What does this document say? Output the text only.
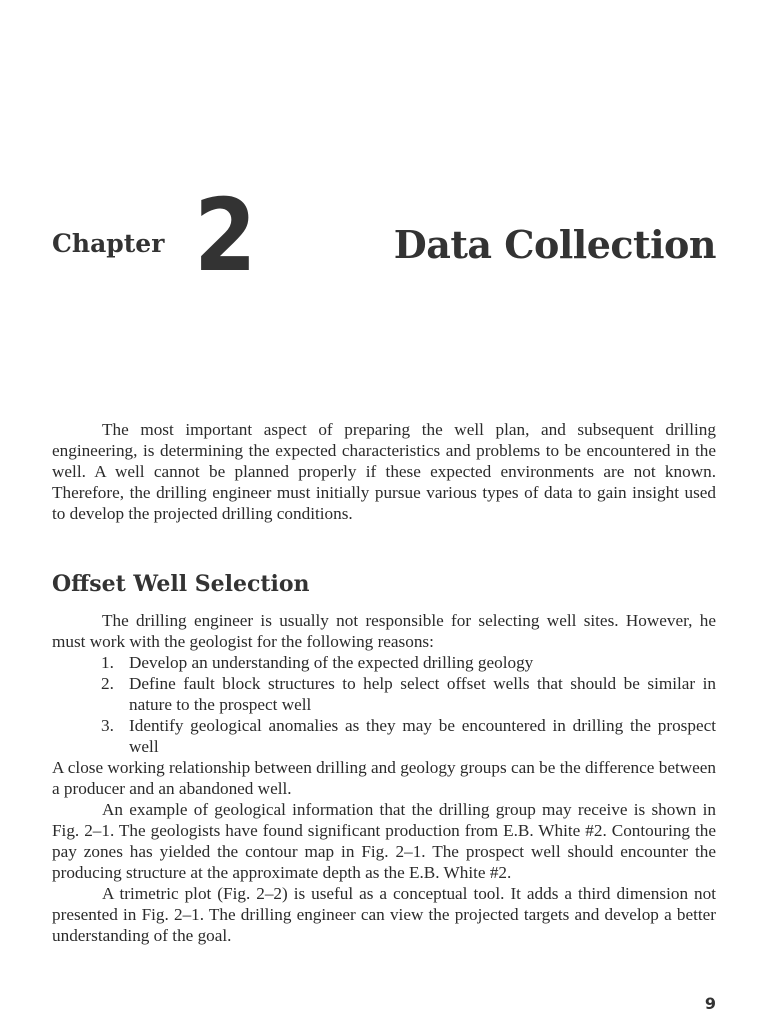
Chapter 2	Data Collection

The most important aspect of preparing the well plan, and subsequent drilling engineering, is determining the expected characteristics and problems to be encountered in the well. A well cannot be planned properly if these expected environments are not known. Therefore, the drilling engineer must initially pursue various types of data to gain insight used to develop the projected drilling conditions.

Offset Well Selection

The drilling engineer is usually not responsible for selecting well sites. However, he must work with the geologist for the following reasons:

1. Develop an understanding of the expected drilling geology
2. Define fault block structures to help select offset wells that should be similar in nature to the prospect well
3. Identify geological anomalies as they may be encountered in drilling the prospect well

A close working relationship between drilling and geology groups can be the difference between a producer and an abandoned well.

An example of geological information that the drilling group may receive is shown in Fig. 2–1. The geologists have found significant production from E.B. White #2. Contouring the pay zones has yielded the contour map in Fig. 2–1. The prospect well should encounter the producing structure at the approximate depth as the E.B. White #2.

A trimetric plot (Fig. 2–2) is useful as a conceptual tool. It adds a third dimension not presented in Fig. 2–1. The drilling engineer can view the projected targets and develop a better understanding of the goal.

9
